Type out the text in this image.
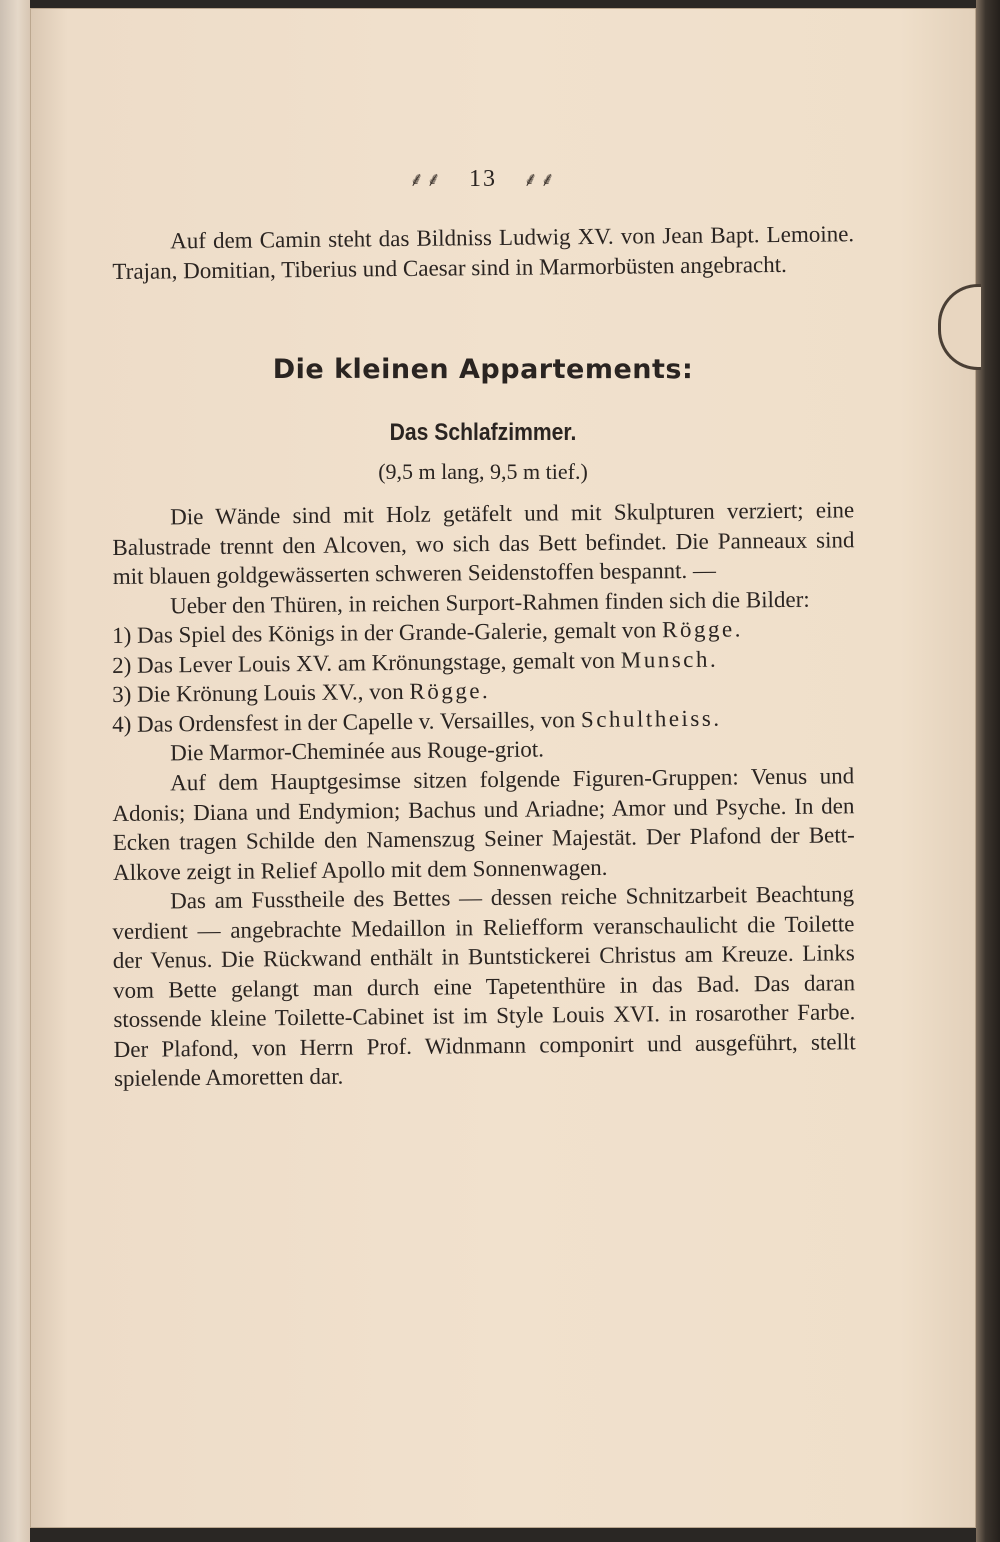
⸙⸙ 13 ⸙⸙

Auf dem Camin steht das Bildniss Ludwig XV. von Jean Bapt. Lemoine. Trajan, Domitian, Tiberius und Caesar sind in Marmorbüsten angebracht.

Die kleinen Appartements:
Das Schlafzimmer.
(9,5 m lang, 9,5 m tief.)

Die Wände sind mit Holz getäfelt und mit Skulpturen verziert; eine Balustrade trennt den Alcoven, wo sich das Bett befindet. Die Panneaux sind mit blauen goldgewässerten schweren Seidenstoffen bespannt. —

Ueber den Thüren, in reichen Surport-Rahmen finden sich die Bilder:

1) Das Spiel des Königs in der Grande-Galerie, gemalt von Rögge.

2) Das Lever Louis XV. am Krönungstage, gemalt von Munsch.

3) Die Krönung Louis XV., von Rögge.

4) Das Ordensfest in der Capelle v. Versailles, von Schultheiss.

Die Marmor-Cheminée aus Rouge-griot.

Auf dem Hauptgesimse sitzen folgende Figuren-Gruppen: Venus und Adonis; Diana und Endymion; Bachus und Ariadne; Amor und Psyche. In den Ecken tragen Schilde den Namenszug Seiner Majestät. Der Plafond der Bett-Alkove zeigt in Relief Apollo mit dem Sonnenwagen.

Das am Fusstheile des Bettes — dessen reiche Schnitzarbeit Beachtung verdient — angebrachte Medaillon in Reliefform veranschaulicht die Toilette der Venus. Die Rückwand enthält in Buntstickerei Christus am Kreuze. Links vom Bette gelangt man durch eine Tapetenthüre in das Bad. Das daran stossende kleine Toilette-Cabinet ist im Style Louis XVI. in rosarother Farbe. Der Plafond, von Herrn Prof. Widnmann componirt und ausgeführt, stellt spielende Amoretten dar.
